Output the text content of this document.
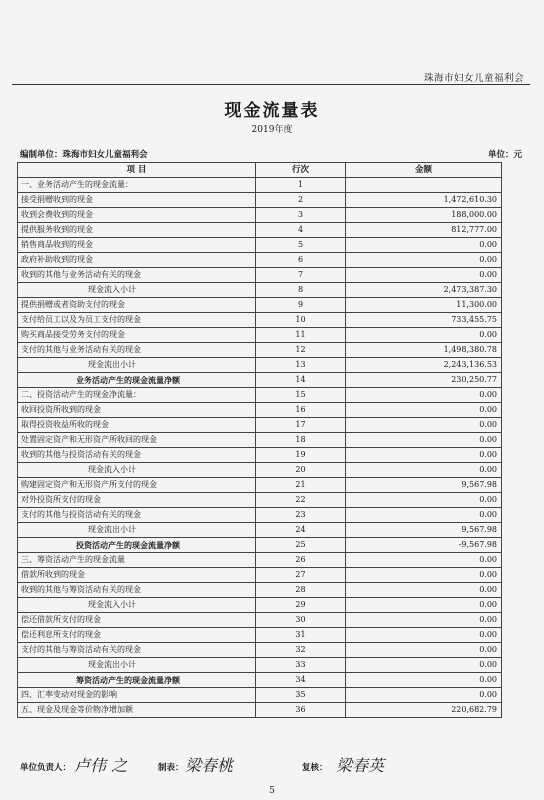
珠海市妇女儿童福利会
现金流量表
2019年度
编制单位：珠海市妇女儿童福利会	单位：元
项 目	行次	金额
一、业务活动产生的现金流量：	1	
接受捐赠收到的现金	2	1,472,610.30
收到会费收到的现金	3	188,000.00
提供服务收到的现金	4	812,777.00
销售商品收到的现金	5	0.00
政府补助收到的现金	6	0.00
收到的其他与业务活动有关的现金	7	0.00
现金流入小计	8	2,473,387.30
提供捐赠或者资助支付的现金	9	11,300.00
支付给员工以及为员工支付的现金	10	733,455.75
购买商品接受劳务支付的现金	11	0.00
支付的其他与业务活动有关的现金	12	1,498,380.78
现金流出小计	13	2,243,136.53
业务活动产生的现金流量净额	14	230,250.77
二、投资活动产生的现金净流量：	15	0.00
收回投资所收到的现金	16	0.00
取得投资收益所收的现金	17	0.00
处置固定资产和无形资产所收回的现金	18	0.00
收到的其他与投资活动有关的现金	19	0.00
现金流入小计	20	0.00
购建固定资产和无形资产所支付的现金	21	9,567.98
对外投资所支付的现金	22	0.00
支付的其他与投资活动有关的现金	23	0.00
现金流出小计	24	9,567.98
投资活动产生的现金流量净额	25	-9,567.98
三、筹资活动产生的现金流量	26	0.00
借款所收到的现金	27	0.00
收到的其他与筹资活动有关的现金	28	0.00
现金流入小计	29	0.00
偿还借款所支付的现金	30	0.00
偿还利息所支付的现金	31	0.00
支付的其他与筹资活动有关的现金	32	0.00
现金流出小计	33	0.00
筹资活动产生的现金流量净额	34	0.00
四、汇率变动对现金的影响	35	0.00
五、现金及现金等价物净增加额	36	220,682.79
单位负责人： 卢伟 之	制表： 梁春桃	复核： 梁春英
5
